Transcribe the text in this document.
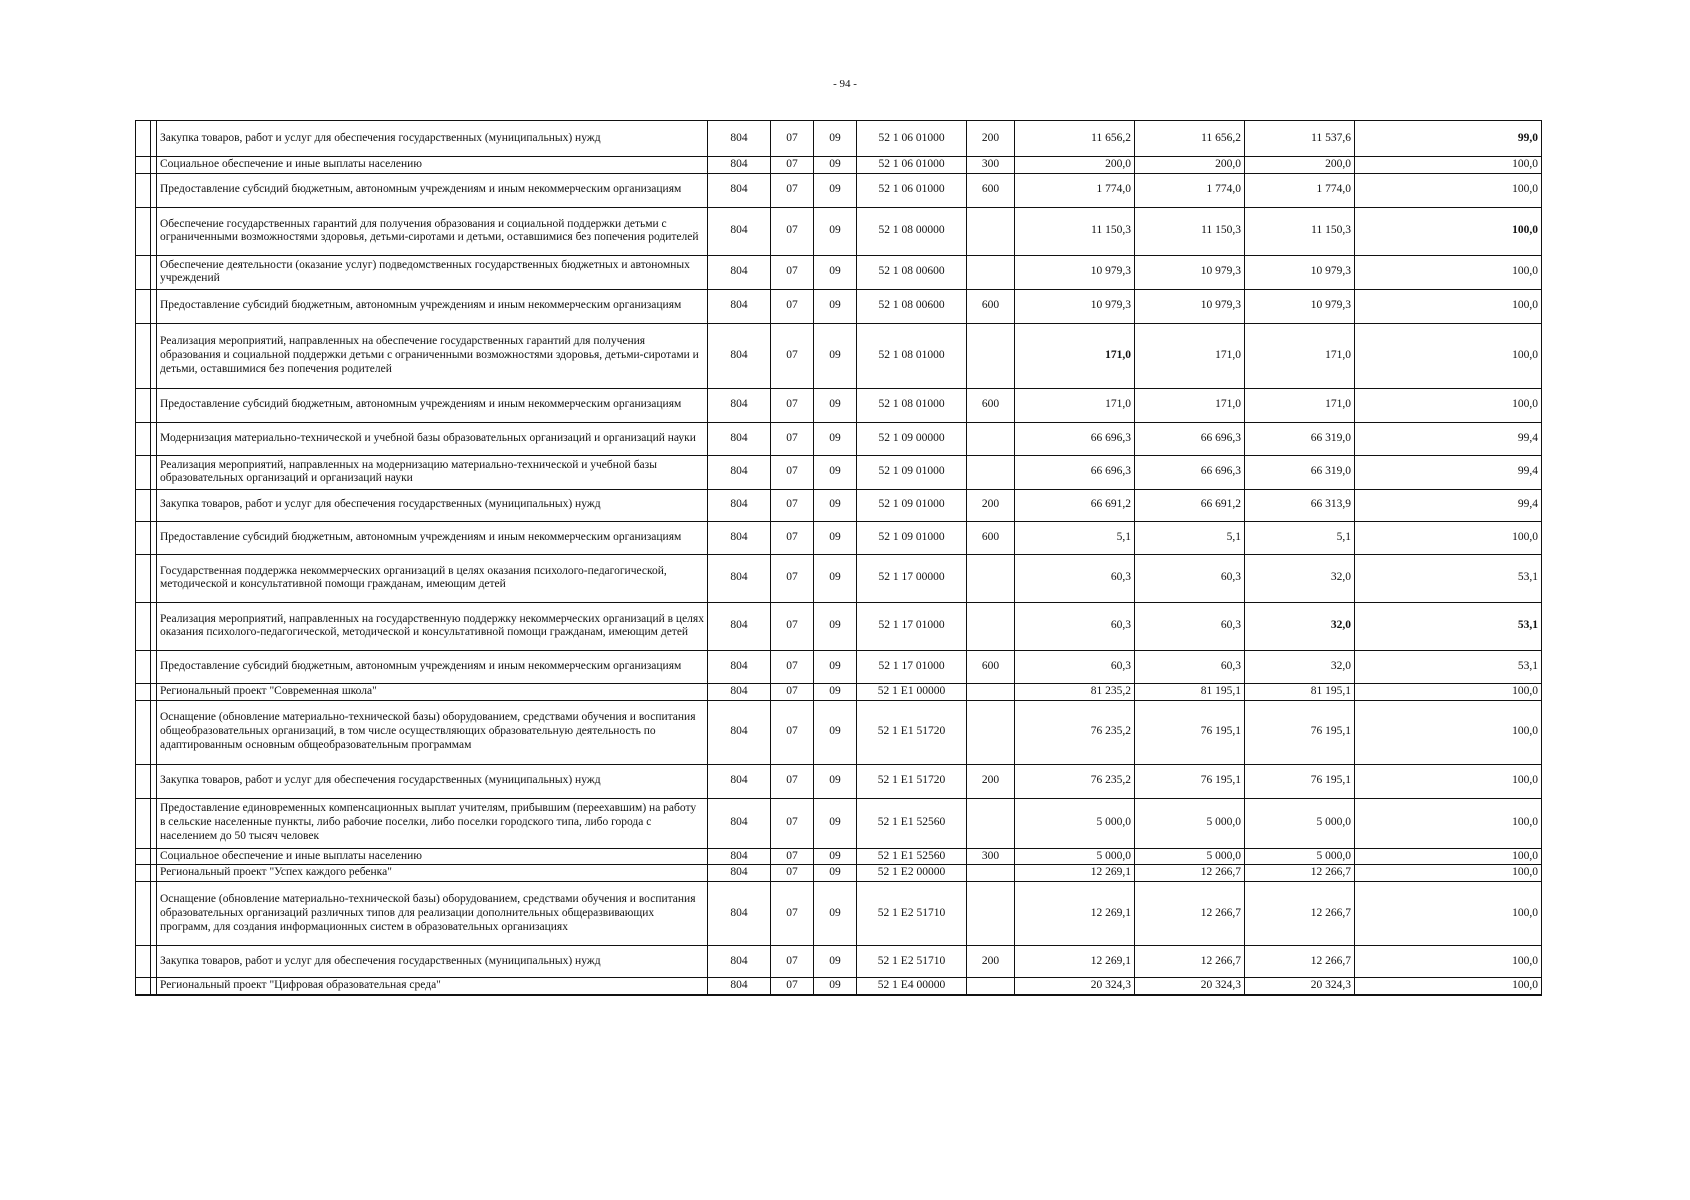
- 94 -
		Закупка товаров, работ и услуг для обеспечения государственных (муниципальных) нужд	804	07	09	52 1 06 01000	200	11 656,2	11 656,2	11 537,6	99,0
		Социальное обеспечение и иные выплаты населению	804	07	09	52 1 06 01000	300	200,0	200,0	200,0	100,0
		Предоставление субсидий бюджетным, автономным учреждениям и иным некоммерческим организациям	804	07	09	52 1 06 01000	600	1 774,0	1 774,0	1 774,0	100,0
		Обеспечение государственных гарантий для получения образования и социальной поддержки детьми с ограниченными возможностями здоровья, детьми-сиротами и детьми, оставшимися без попечения родителей	804	07	09	52 1 08 00000		11 150,3	11 150,3	11 150,3	100,0
		Обеспечение деятельности (оказание услуг) подведомственных государственных бюджетных и автономных учреждений	804	07	09	52 1 08 00600		10 979,3	10 979,3	10 979,3	100,0
		Предоставление субсидий бюджетным, автономным учреждениям и иным некоммерческим организациям	804	07	09	52 1 08 00600	600	10 979,3	10 979,3	10 979,3	100,0
		Реализация мероприятий, направленных на обеспечение государственных гарантий для получения образования и социальной поддержки детьми с ограниченными возможностями здоровья, детьми-сиротами и детьми, оставшимися без попечения родителей	804	07	09	52 1 08 01000		171,0	171,0	171,0	100,0
		Предоставление субсидий бюджетным, автономным учреждениям и иным некоммерческим организациям	804	07	09	52 1 08 01000	600	171,0	171,0	171,0	100,0
		Модернизация материально-технической и учебной базы образовательных организаций и организаций науки	804	07	09	52 1 09 00000		66 696,3	66 696,3	66 319,0	99,4
		Реализация мероприятий, направленных на модернизацию материально-технической и учебной базы образовательных организаций и организаций науки	804	07	09	52 1 09 01000		66 696,3	66 696,3	66 319,0	99,4
		Закупка товаров, работ и услуг для обеспечения государственных (муниципальных) нужд	804	07	09	52 1 09 01000	200	66 691,2	66 691,2	66 313,9	99,4
		Предоставление субсидий бюджетным, автономным учреждениям и иным некоммерческим организациям	804	07	09	52 1 09 01000	600	5,1	5,1	5,1	100,0
		Государственная поддержка некоммерческих организаций в целях оказания психолого-педагогической, методической и консультативной помощи гражданам, имеющим детей	804	07	09	52 1 17 00000		60,3	60,3	32,0	53,1
		Реализация мероприятий, направленных на государственную поддержку некоммерческих организаций в целях оказания психолого-педагогической, методической и консультативной помощи гражданам, имеющим детей	804	07	09	52 1 17 01000		60,3	60,3	32,0	53,1
		Предоставление субсидий бюджетным, автономным учреждениям и иным некоммерческим организациям	804	07	09	52 1 17 01000	600	60,3	60,3	32,0	53,1
		Региональный проект "Современная школа"	804	07	09	52 1 E1 00000		81 235,2	81 195,1	81 195,1	100,0
		Оснащение (обновление материально-технической базы) оборудованием, средствами обучения и воспитания общеобразовательных организаций, в том числе осуществляющих образовательную деятельность по адаптированным основным общеобразовательным программам	804	07	09	52 1 E1 51720		76 235,2	76 195,1	76 195,1	100,0
		Закупка товаров, работ и услуг для обеспечения государственных (муниципальных) нужд	804	07	09	52 1 E1 51720	200	76 235,2	76 195,1	76 195,1	100,0
		Предоставление единовременных компенсационных выплат учителям, прибывшим (переехавшим) на работу в сельские населенные пункты, либо рабочие поселки, либо поселки городского типа, либо города с населением до 50 тысяч человек	804	07	09	52 1 E1 52560		5 000,0	5 000,0	5 000,0	100,0
		Социальное обеспечение и иные выплаты населению	804	07	09	52 1 E1 52560	300	5 000,0	5 000,0	5 000,0	100,0
		Региональный проект "Успех каждого ребенка"	804	07	09	52 1 E2 00000		12 269,1	12 266,7	12 266,7	100,0
		Оснащение (обновление материально-технической базы) оборудованием, средствами обучения и воспитания образовательных организаций различных типов для реализации дополнительных общеразвивающих программ, для создания информационных систем в образовательных организациях	804	07	09	52 1 E2 51710		12 269,1	12 266,7	12 266,7	100,0
		Закупка товаров, работ и услуг для обеспечения государственных (муниципальных) нужд	804	07	09	52 1 E2 51710	200	12 269,1	12 266,7	12 266,7	100,0
		Региональный проект "Цифровая образовательная среда"	804	07	09	52 1 E4 00000		20 324,3	20 324,3	20 324,3	100,0
